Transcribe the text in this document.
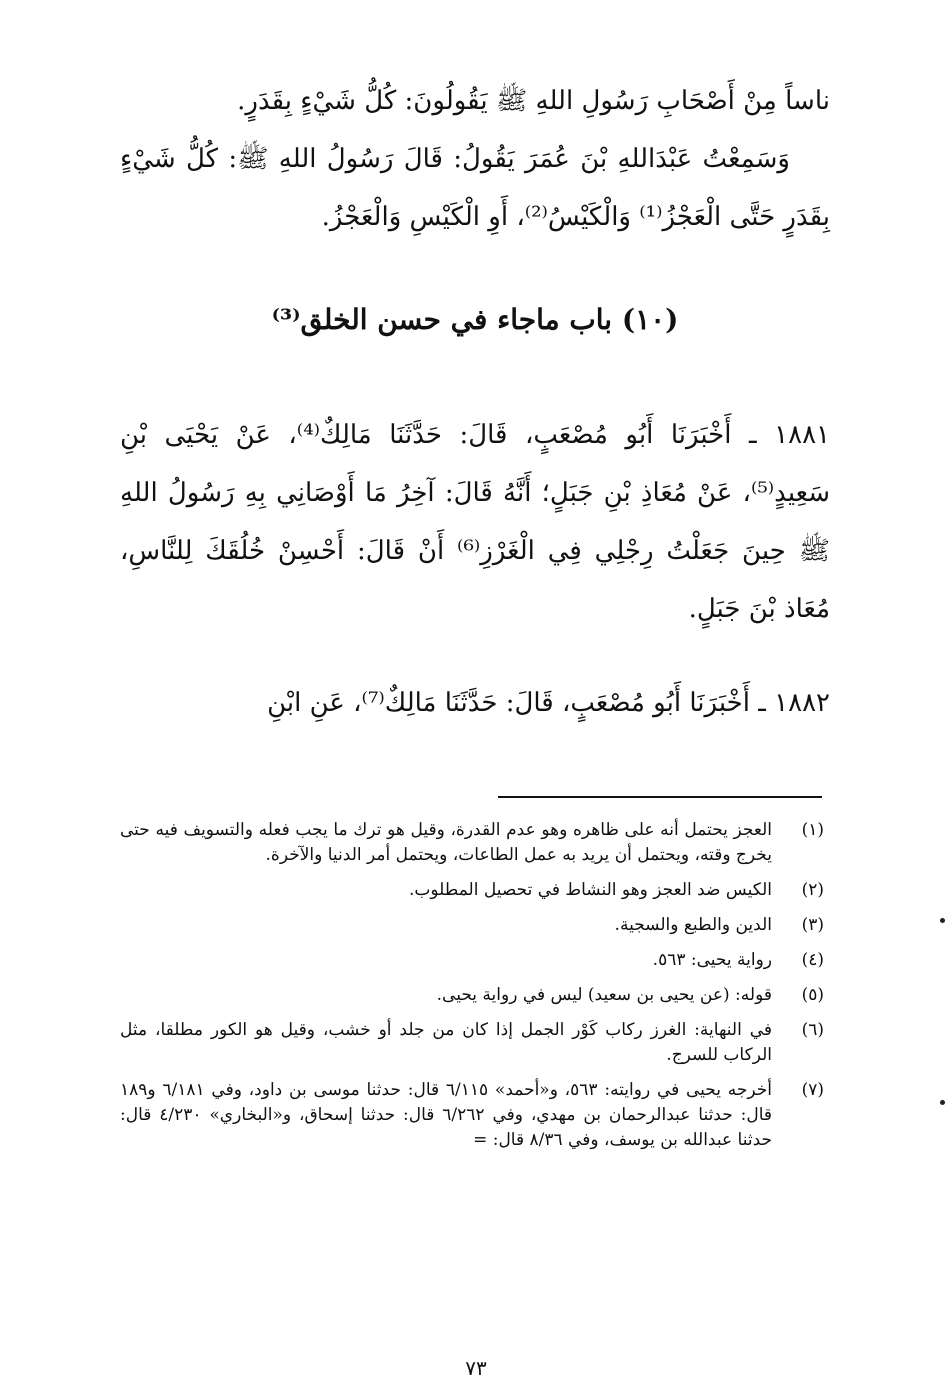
ناساً مِنْ أَصْحَابِ رَسُولِ اللهِ ﷺ يَقُولُونَ: كُلُّ شَيْءٍ بِقَدَرٍ.

وَسَمِعْتُ عَبْدَاللهِ بْنَ عُمَرَ يَقُولُ: قَالَ رَسُولُ اللهِ ﷺ: كُلُّ شَيْءٍ بِقَدَرٍ حَتَّى الْعَجْزُ⁽¹⁾ وَالْكَيْسُ⁽²⁾، أَوِ الْكَيْسِ وَالْعَجْزُ.

(١٠) باب ماجاء في حسن الخلق⁽³⁾

١٨٨١ ـ أَخْبَرَنَا أَبُو مُصْعَبٍ، قَالَ: حَدَّثَنَا مَالِكٌ⁽⁴⁾، عَنْ يَحْيَى بْنِ سَعِيدٍ⁽⁵⁾، عَنْ مُعَاذِ بْنِ جَبَلٍ؛ أَنَّهُ قَالَ: آخِرُ مَا أَوْصَانِي بِهِ رَسُولُ اللهِ ﷺ حِينَ جَعَلْتُ رِجْلِي فِي الْغَرْزِ⁽⁶⁾ أَنْ قَالَ: أَحْسِنْ خُلُقَكَ لِلنَّاسِ، مُعَاذ بْنَ جَبَلٍ.

١٨٨٢ ـ أَخْبَرَنَا أَبُو مُصْعَبٍ، قَالَ: حَدَّثَنَا مَالِكٌ⁽⁷⁾، عَنِ ابْنِ

(١)
العجز يحتمل أنه على ظاهره وهو عدم القدرة، وقيل هو ترك ما يجب فعله والتسويف فيه حتى يخرج وقته، ويحتمل أن يريد به عمل الطاعات، ويحتمل أمر الدنيا والآخرة.
(٢)
الكيس ضد العجز وهو النشاط في تحصيل المطلوب.
(٣)
الدين والطبع والسجية.
(٤)
رواية يحيى: ٥٦٣.
(٥)
قوله: (عن يحيى بن سعيد) ليس في رواية يحيى.
(٦)
في النهاية: الغرز ركاب كَوْر الجمل إذا كان من جلد أو خشب، وقيل هو الكور مطلقا، مثل الركاب للسرج.
(٧)
أخرجه يحيى في روايته: ٥٦٣، و«أحمد» ٦/١١٥ قال: حدثنا موسى بن داود، وفي ٦/١٨١ و١٨٩ قال: حدثنا عبدالرحمان بن مهدي، وفي ٦/٢٦٢ قال: حدثنا إسحاق، و«البخاري» ٤/٢٣٠ قال: حدثنا عبدالله بن يوسف، وفي ٨/٣٦ قال: =

٧٣
